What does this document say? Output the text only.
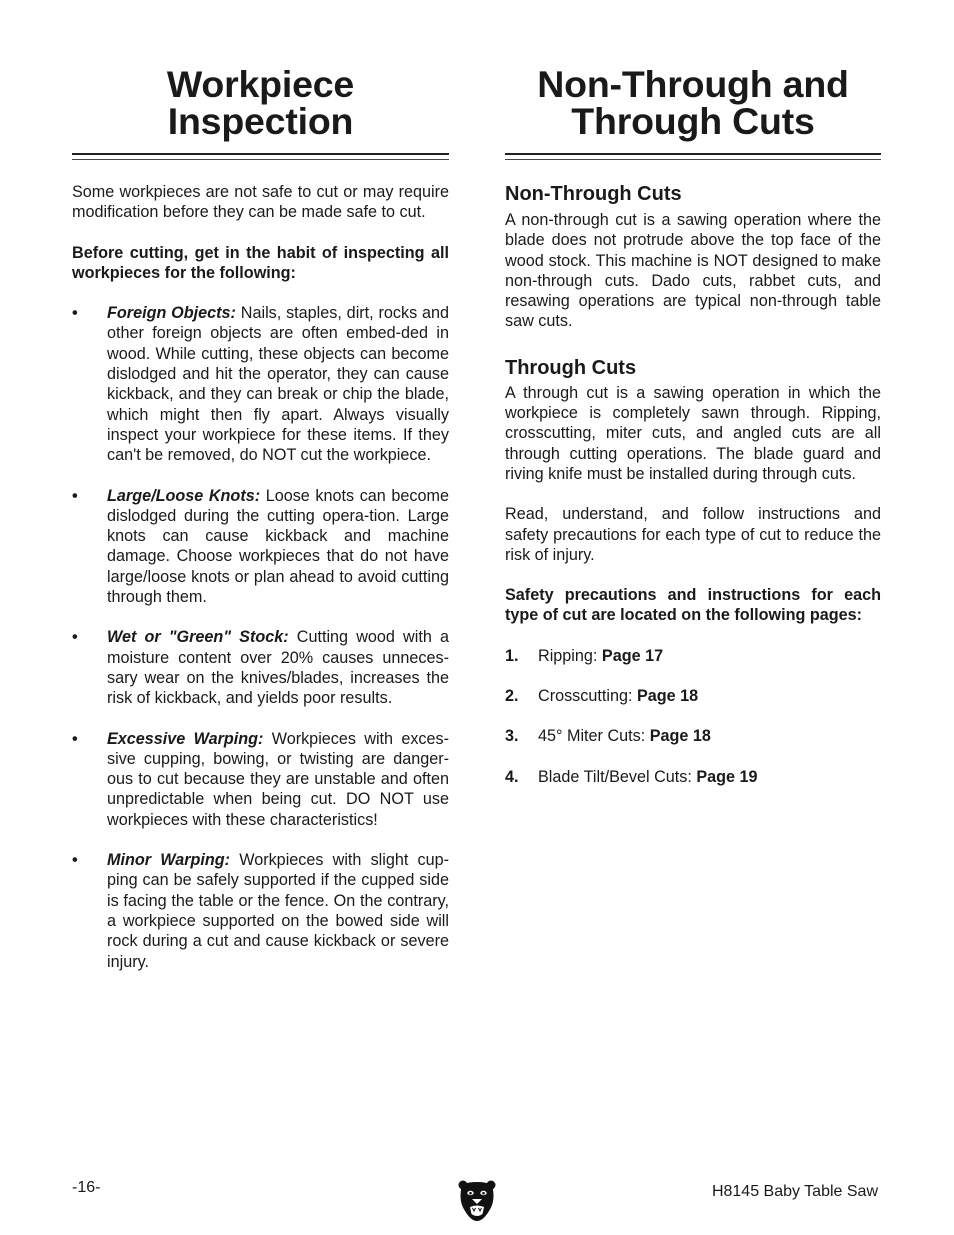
Workpiece
Inspection

Some workpieces are not safe to cut or may require modification before they can be made safe to cut.

Before cutting, get in the habit of inspecting all workpieces for the following:

• Foreign Objects: Nails, staples, dirt, rocks and other foreign objects are often embed-ded in wood. While cutting, these objects can become dislodged and hit the operator, they can cause kickback, and they can break or chip the blade, which might then fly apart. Always visually inspect your workpiece for these items. If they can't be removed, do NOT cut the workpiece.
• Large/Loose Knots: Loose knots can become dislodged during the cutting opera-tion. Large knots can cause kickback and machine damage. Choose workpieces that do not have large/loose knots or plan ahead to avoid cutting through them.
• Wet or "Green" Stock: Cutting wood with a moisture content over 20% causes unneces-sary wear on the knives/blades, increases the risk of kickback, and yields poor results.
• Excessive Warping: Workpieces with exces-sive cupping, bowing, or twisting are danger-ous to cut because they are unstable and often unpredictable when being cut. DO NOT use workpieces with these characteristics!
• Minor Warping: Workpieces with slight cup-ping can be safely supported if the cupped side is facing the table or the fence. On the contrary, a workpiece supported on the bowed side will rock during a cut and cause kickback or severe injury.
Non-Through and
Through Cuts
Non-Through Cuts

A non-through cut is a sawing operation where the blade does not protrude above the top face of the wood stock. This machine is NOT designed to make non-through cuts. Dado cuts, rabbet cuts, and resawing operations are typical non-through table saw cuts.

Through Cuts

A through cut is a sawing operation in which the workpiece is completely sawn through. Ripping, crosscutting, miter cuts, and angled cuts are all through cutting operations. The blade guard and riving knife must be installed during through cuts.

Read, understand, and follow instructions and safety precautions for each type of cut to reduce the risk of injury.

Safety precautions and instructions for each type of cut are located on the following pages:

1. Ripping: Page 17
2. Crosscutting: Page 18
3. 45° Miter Cuts: Page 18
4. Blade Tilt/Bevel Cuts: Page 19
-16-	H8145 Baby Table Saw
